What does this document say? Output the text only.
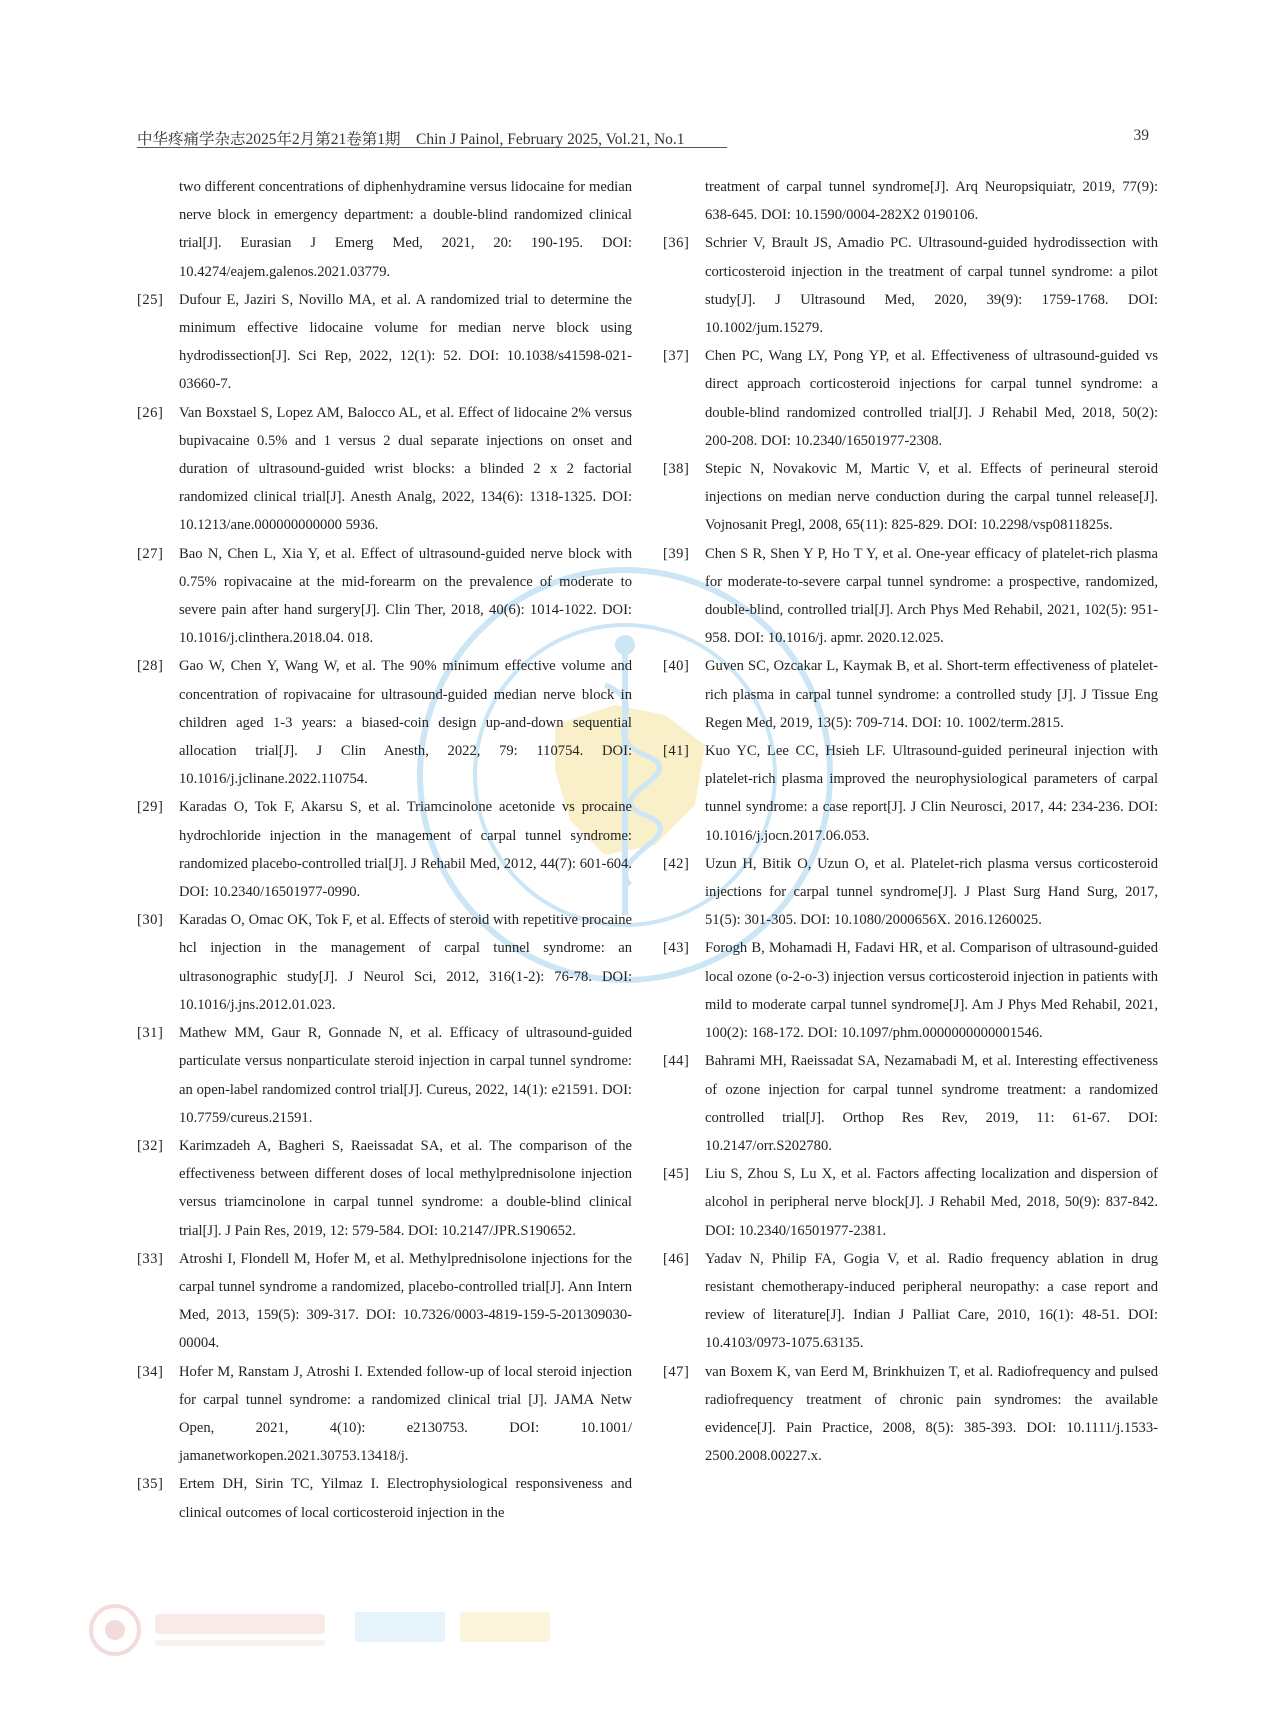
中华疼痛学杂志2025年2月第21卷第1期　Chin J Painol, February 2025, Vol.21, No.1	39
two different concentrations of diphenhydramine versus lidocaine for median nerve block in emergency department: a double-blind randomized clinical trial[J]. Eurasian J Emerg Med, 2021, 20: 190-195. DOI: 10.4274/eajem.galenos.2021.03779.
[25] Dufour E, Jaziri S, Novillo MA, et al. A randomized trial to determine the minimum effective lidocaine volume for median nerve block using hydrodissection[J]. Sci Rep, 2022, 12(1): 52. DOI: 10.1038/s41598-021-03660-7.
[26] Van Boxstael S, Lopez AM, Balocco AL, et al. Effect of lidocaine 2% versus bupivacaine 0.5% and 1 versus 2 dual separate injections on onset and duration of ultrasound-guided wrist blocks: a blinded 2 x 2 factorial randomized clinical trial[J]. Anesth Analg, 2022, 134(6): 1318-1325. DOI: 10.1213/ane.000000000000 5936.
[27] Bao N, Chen L, Xia Y, et al. Effect of ultrasound-guided nerve block with 0.75% ropivacaine at the mid-forearm on the prevalence of moderate to severe pain after hand surgery[J]. Clin Ther, 2018, 40(6): 1014-1022. DOI: 10.1016/j.clinthera.2018.04. 018.
[28] Gao W, Chen Y, Wang W, et al. The 90% minimum effective volume and concentration of ropivacaine for ultrasound-guided median nerve block in children aged 1-3 years: a biased-coin design up-and-down sequential allocation trial[J]. J Clin Anesth, 2022, 79: 110754. DOI: 10.1016/j.jclinane.2022.110754.
[29] Karadas O, Tok F, Akarsu S, et al. Triamcinolone acetonide vs procaine hydrochloride injection in the management of carpal tunnel syndrome: randomized placebo-controlled trial[J]. J Rehabil Med, 2012, 44(7): 601-604. DOI: 10.2340/16501977-0990.
[30] Karadas O, Omac OK, Tok F, et al. Effects of steroid with repetitive procaine hcl injection in the management of carpal tunnel syndrome: an ultrasonographic study[J]. J Neurol Sci, 2012, 316(1-2): 76-78. DOI: 10.1016/j.jns.2012.01.023.
[31] Mathew MM, Gaur R, Gonnade N, et al. Efficacy of ultrasound-guided particulate versus nonparticulate steroid injection in carpal tunnel syndrome: an open-label randomized control trial[J]. Cureus, 2022, 14(1): e21591. DOI: 10.7759/cureus.21591.
[32] Karimzadeh A, Bagheri S, Raeissadat SA, et al. The comparison of the effectiveness between different doses of local methylprednisolone injection versus triamcinolone in carpal tunnel syndrome: a double-blind clinical trial[J]. J Pain Res, 2019, 12: 579-584. DOI: 10.2147/JPR.S190652.
[33] Atroshi I, Flondell M, Hofer M, et al. Methylprednisolone injections for the carpal tunnel syndrome a randomized, placebo-controlled trial[J]. Ann Intern Med, 2013, 159(5): 309-317. DOI: 10.7326/0003-4819-159-5-201309030-00004.
[34] Hofer M, Ranstam J, Atroshi I. Extended follow-up of local steroid injection for carpal tunnel syndrome: a randomized clinical trial [J]. JAMA Netw Open, 2021, 4(10): e2130753. DOI: 10.1001/ jamanetworkopen.2021.30753.13418/j.
[35] Ertem DH, Sirin TC, Yilmaz I. Electrophysiological responsiveness and clinical outcomes of local corticosteroid injection in the
treatment of carpal tunnel syndrome[J]. Arq Neuropsiquiatr, 2019, 77(9): 638-645. DOI: 10.1590/0004-282X2 0190106.
[36] Schrier V, Brault JS, Amadio PC. Ultrasound-guided hydrodissection with corticosteroid injection in the treatment of carpal tunnel syndrome: a pilot study[J]. J Ultrasound Med, 2020, 39(9): 1759-1768. DOI: 10.1002/jum.15279.
[37] Chen PC, Wang LY, Pong YP, et al. Effectiveness of ultrasound-guided vs direct approach corticosteroid injections for carpal tunnel syndrome: a double-blind randomized controlled trial[J]. J Rehabil Med, 2018, 50(2): 200-208. DOI: 10.2340/16501977-2308.
[38] Stepic N, Novakovic M, Martic V, et al. Effects of perineural steroid injections on median nerve conduction during the carpal tunnel release[J]. Vojnosanit Pregl, 2008, 65(11): 825-829. DOI: 10.2298/vsp0811825s.
[39] Chen S R, Shen Y P, Ho T Y, et al. One-year efficacy of platelet-rich plasma for moderate-to-severe carpal tunnel syndrome: a prospective, randomized, double-blind, controlled trial[J]. Arch Phys Med Rehabil, 2021, 102(5): 951-958. DOI: 10.1016/j. apmr. 2020.12.025.
[40] Guven SC, Ozcakar L, Kaymak B, et al. Short-term effectiveness of platelet-rich plasma in carpal tunnel syndrome: a controlled study [J]. J Tissue Eng Regen Med, 2019, 13(5): 709-714. DOI: 10. 1002/term.2815.
[41] Kuo YC, Lee CC, Hsieh LF. Ultrasound-guided perineural injection with platelet-rich plasma improved the neurophysiological parameters of carpal tunnel syndrome: a case report[J]. J Clin Neurosci, 2017, 44: 234-236. DOI: 10.1016/j.jocn.2017.06.053.
[42] Uzun H, Bitik O, Uzun O, et al. Platelet-rich plasma versus corticosteroid injections for carpal tunnel syndrome[J]. J Plast Surg Hand Surg, 2017, 51(5): 301-305. DOI: 10.1080/2000656X. 2016.1260025.
[43] Forogh B, Mohamadi H, Fadavi HR, et al. Comparison of ultrasound-guided local ozone (o-2-o-3) injection versus corticosteroid injection in patients with mild to moderate carpal tunnel syndrome[J]. Am J Phys Med Rehabil, 2021, 100(2): 168-172. DOI: 10.1097/phm.0000000000001546.
[44] Bahrami MH, Raeissadat SA, Nezamabadi M, et al. Interesting effectiveness of ozone injection for carpal tunnel syndrome treatment: a randomized controlled trial[J]. Orthop Res Rev, 2019, 11: 61-67. DOI: 10.2147/orr.S202780.
[45] Liu S, Zhou S, Lu X, et al. Factors affecting localization and dispersion of alcohol in peripheral nerve block[J]. J Rehabil Med, 2018, 50(9): 837-842. DOI: 10.2340/16501977-2381.
[46] Yadav N, Philip FA, Gogia V, et al. Radio frequency ablation in drug resistant chemotherapy-induced peripheral neuropathy: a case report and review of literature[J]. Indian J Palliat Care, 2010, 16(1): 48-51. DOI: 10.4103/0973-1075.63135.
[47] van Boxem K, van Eerd M, Brinkhuizen T, et al. Radiofrequency and pulsed radiofrequency treatment of chronic pain syndromes: the available evidence[J]. Pain Practice, 2008, 8(5): 385-393. DOI: 10.1111/j.1533-2500.2008.00227.x.
